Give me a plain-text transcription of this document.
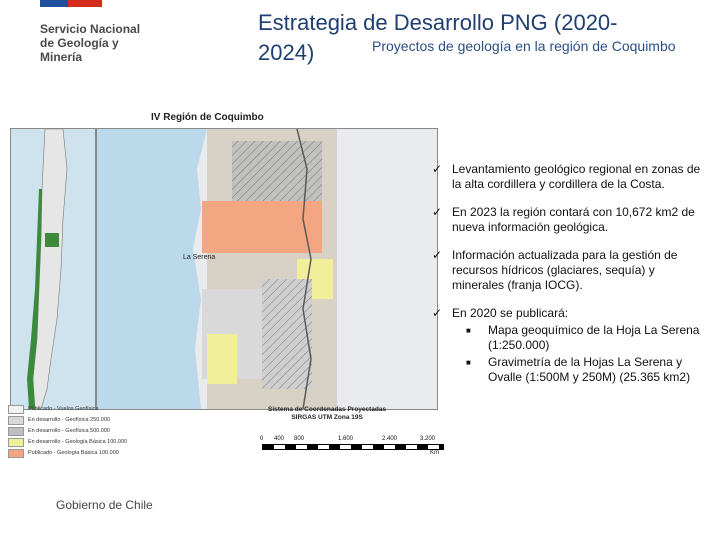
Servicio Nacional
de Geología y
Minería
Estrategia de Desarrollo PNG (2020-
2024)	Proyectos de geología en la región de Coquimbo
IV Región de Coquimbo
La Serena
Publicado - Vuelos Geofísica
En desarrollo - Geofísica 250.000
En desarrollo - Geofísica 500.000
En desarrollo - Geología Básica 100.000
Publicado - Geología Básica 100.000
Sistema de Coordenadas Proyectadas
SIRGAS UTM Zona 19S
0 400 800	1.600	2.400	3.200
Km
✓ Levantamiento geológico regional en zonas de la alta cordillera y cordillera de la Costa.
✓ En 2023 la región contará con 10,672 km2 de nueva información geológica.
✓ Información actualizada para la gestión de recursos hídricos (glaciares, sequía) y minerales (franja IOCG).
✓ En 2020 se publicará:
■	Mapa geoquímico de la Hoja La Serena (1:250.000)
■	Gravimetría de la Hojas La Serena y Ovalle (1:500M y 250M) (25.365 km2)
Gobierno de Chile
